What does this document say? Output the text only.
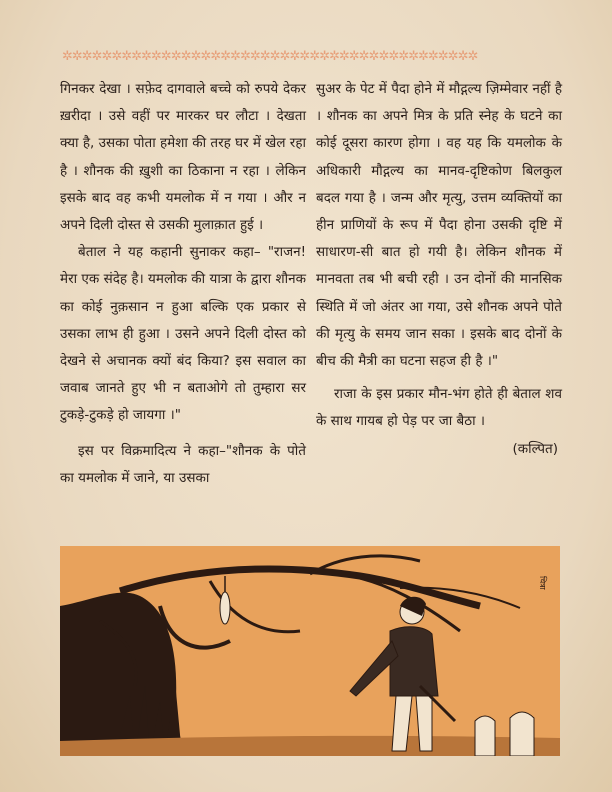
✲✲✲✲✲✲✲✲✲✲✲✲✲✲✲✲✲✲✲✲✲✲✲✲✲✲✲✲✲✲✲✲✲✲✲✲✲✲✲✲✲✲

गिनकर देखा । सफ़ेद दागवाले बच्चे को रुपये देकर ख़रीदा । उसे वहीं पर मारकर घर लौटा । देखता क्या है, उसका पोता हमेशा की तरह घर में खेल रहा है । शौनक की ख़ुशी का ठिकाना न रहा । लेकिन इसके बाद वह कभी यमलोक में न गया । और न अपने दिली दोस्त से उसकी मुलाक़ात हुई ।

बेताल ने यह कहानी सुनाकर कहा– "राजन! मेरा एक संदेह है। यमलोक की यात्रा के द्वारा शौनक का कोई नुक़सान न हुआ बल्कि एक प्रकार से उसका लाभ ही हुआ । उसने अपने दिली दोस्त को देखने से अचानक क्यों बंद किया? इस सवाल का जवाब जानते हुए भी न बताओगे तो तुम्हारा सर टुकड़े-टुकड़े हो जायगा ।"

इस पर विक्रमादित्य ने कहा–"शौनक के पोते का यमलोक में जाने, या उसका

सुअर के पेट में पैदा होने में मौद्गल्य ज़िम्मेवार नहीं है । शौनक का अपने मित्र के प्रति स्नेह के घटने का कोई दूसरा कारण होगा । वह यह कि यमलोक के अधिकारी मौद्गल्य का मानव-दृष्टिकोण बिलकुल बदल गया है । जन्म और मृत्यु, उत्तम व्यक्तियों का हीन प्राणियों के रूप में पैदा होना उसकी दृष्टि में साधारण-सी बात हो गयी है। लेकिन शौनक में मानवता तब भी बची रही । उन दोनों की मानसिक स्थिति में जो अंतर आ गया, उसे शौनक अपने पोते की मृत्यु के समय जान सका । इसके बाद दोनों के बीच की मैत्री का घटना सहज ही है ।"

राजा के इस प्रकार मौन-भंग होते ही बेताल शव के साथ गायब हो पेड़ पर जा बैठा ।

(कल्पित)

चित्रा
